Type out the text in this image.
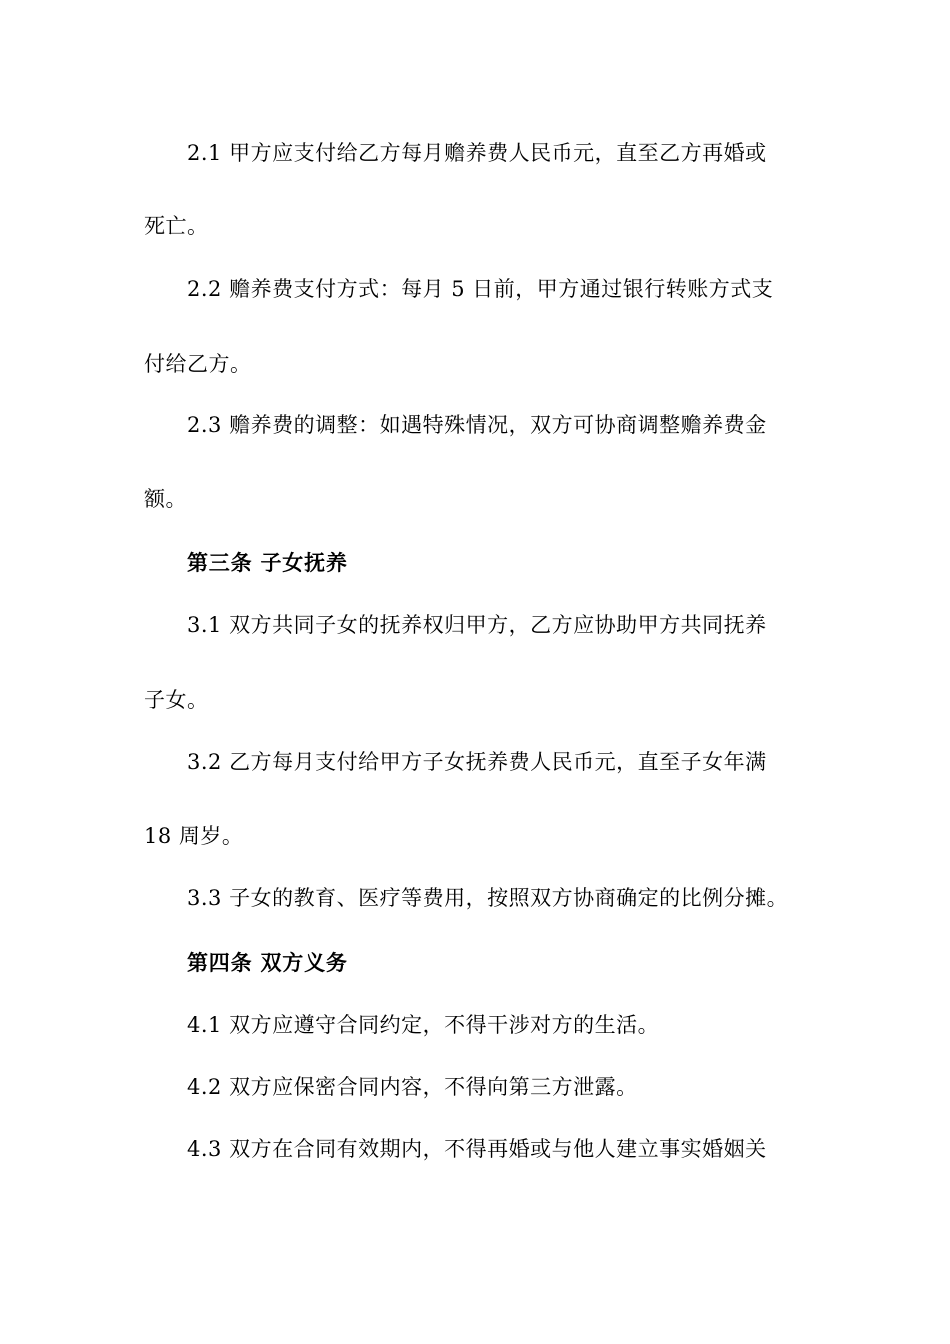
2.1 甲方应支付给乙方每月赡养费人民币元，直至乙方再婚或

死亡。

2.2 赡养费支付方式：每月 5 日前，甲方通过银行转账方式支

付给乙方。

2.3 赡养费的调整：如遇特殊情况，双方可协商调整赡养费金

额。

第三条 子女抚养

3.1 双方共同子女的抚养权归甲方，乙方应协助甲方共同抚养

子女。

3.2 乙方每月支付给甲方子女抚养费人民币元，直至子女年满

18 周岁。

3.3 子女的教育、医疗等费用，按照双方协商确定的比例分摊。

第四条 双方义务

4.1 双方应遵守合同约定，不得干涉对方的生活。

4.2 双方应保密合同内容，不得向第三方泄露。

4.3 双方在合同有效期内，不得再婚或与他人建立事实婚姻关
